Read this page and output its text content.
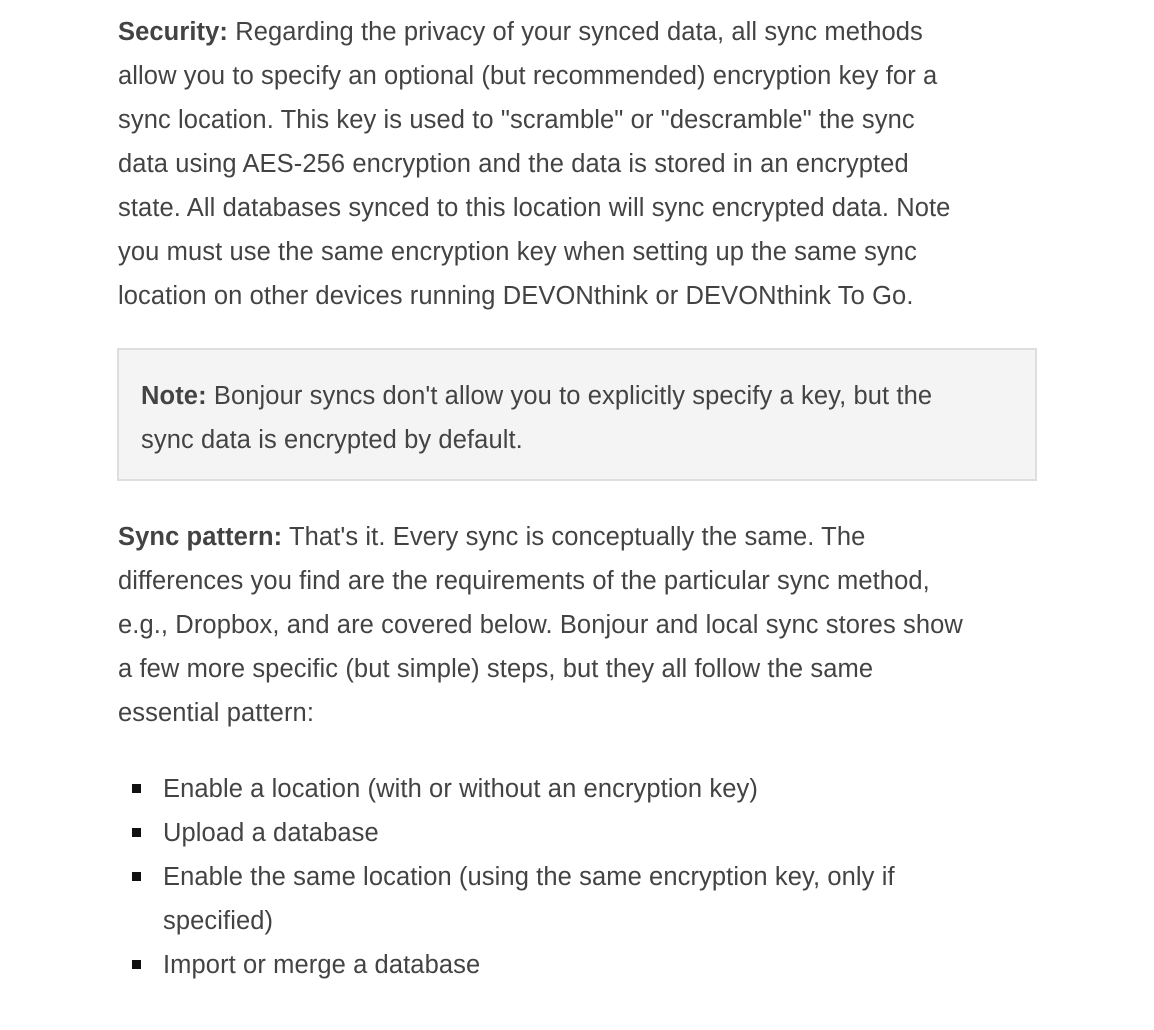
Security: Regarding the privacy of your synced data, all sync methods
allow you to specify an optional (but recommended) encryption key for a
sync location. This key is used to "scramble" or "descramble" the sync
data using AES-256 encryption and the data is stored in an encrypted
state. All databases synced to this location will sync encrypted data. Note
you must use the same encryption key when setting up the same sync
location on other devices running DEVONthink or DEVONthink To Go.
Note: Bonjour syncs don't allow you to explicitly specify a key, but the
sync data is encrypted by default.
Sync pattern: That's it. Every sync is conceptually the same. The
differences you find are the requirements of the particular sync method,
e.g., Dropbox, and are covered below. Bonjour and local sync stores show
a few more specific (but simple) steps, but they all follow the same
essential pattern:
Enable a location (with or without an encryption key)
Upload a database
Enable the same location (using the same encryption key, only if
specified)
Import or merge a database
